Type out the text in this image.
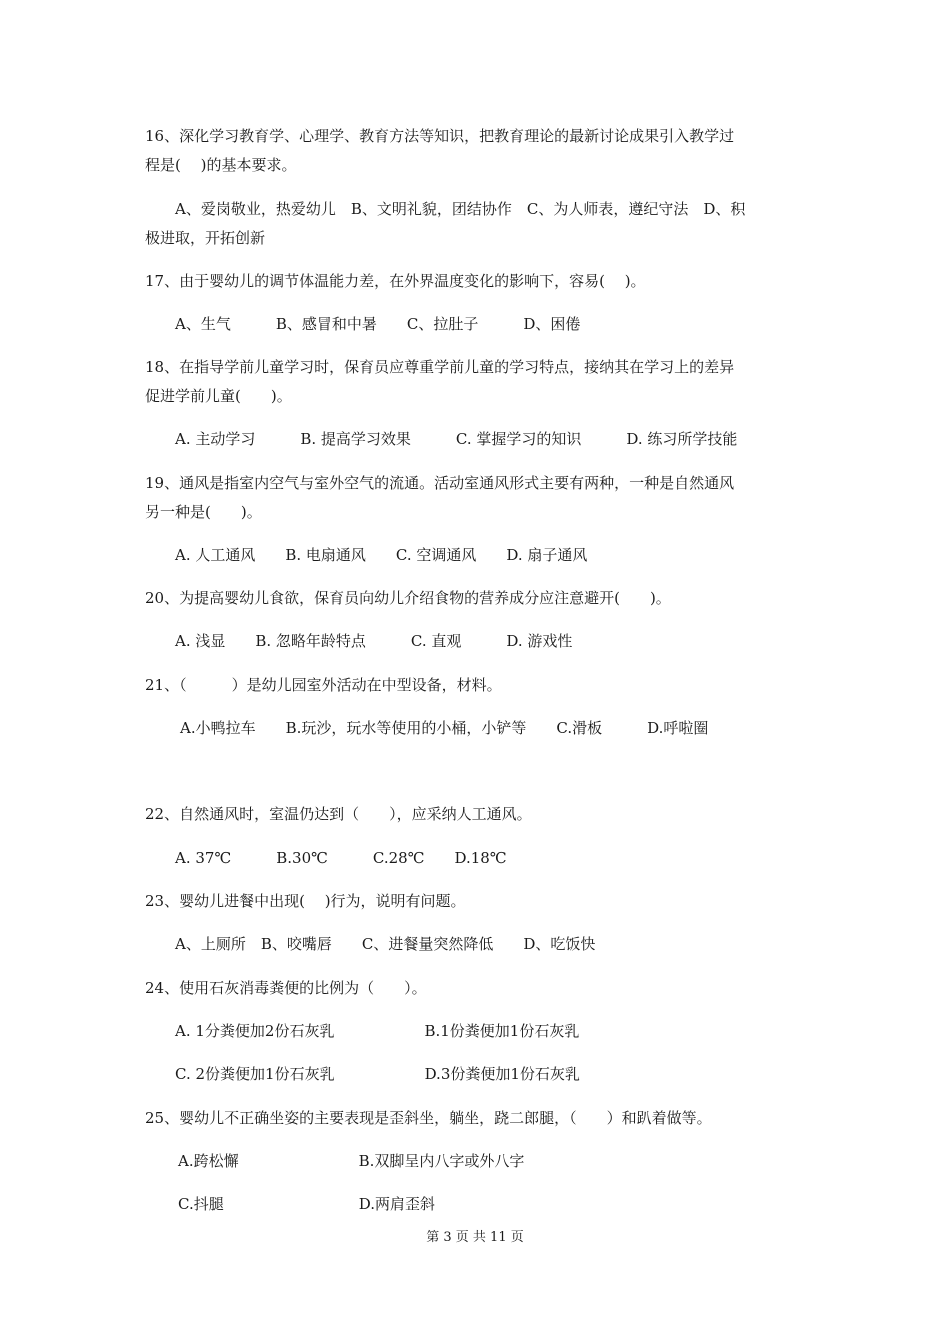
16、深化学习教育学、心理学、教育方法等知识，把教育理论的最新讨论成果引入教学过
程是(　 )的基本要求。
A、爱岗敬业，热爱幼儿　B、文明礼貌，团结协作　C、为人师表，遵纪守法　D、积
极进取，开拓创新
17、由于婴幼儿的调节体温能力差，在外界温度变化的影响下，容易(　 )。
A、生气　　　B、感冒和中暑　　C、拉肚子　　　D、困倦
18、在指导学前儿童学习时，保育员应尊重学前儿童的学习特点，接纳其在学习上的差异
促进学前儿童(　　)。
A. 主动学习　　　B. 提高学习效果　　　C. 掌握学习的知识　　　D. 练习所学技能
19、通风是指室内空气与室外空气的流通。活动室通风形式主要有两种，一种是自然通风
另一种是(　　)。
A. 人工通风　　B. 电扇通风　　C. 空调通风　　D. 扇子通风
20、为提高婴幼儿食欲，保育员向幼儿介绍食物的营养成分应注意避开(　　)。
A. 浅显　　B. 忽略年龄特点　　　C. 直观　　　D. 游戏性
21、（　　　）是幼儿园室外活动在中型设备，材料。
A.小鸭拉车　　B.玩沙，玩水等使用的小桶，小铲等　　C.滑板　　　D.呼啦圈
22、自然通风时，室温仍达到（　　），应采纳人工通风。
A. 37℃　　　B.30℃　　　C.28℃　　D.18℃
23、婴幼儿进餐中出现(　 )行为，说明有问题。
A、上厕所　B、咬嘴唇　　C、进餐量突然降低　　D、吃饭快
24、使用石灰消毒粪便的比例为（　　）。
A. 1分粪便加2份石灰乳　　　　　　B.1份粪便加1份石灰乳
C. 2份粪便加1份石灰乳　　　　　　D.3份粪便加1份石灰乳
25、婴幼儿不正确坐姿的主要表现是歪斜坐，躺坐，跷二郎腿，（　　）和趴着做等。
A.跨松懈　　　　　　　　B.双脚呈内八字或外八字
C.抖腿　　　　　　　　　D.两肩歪斜
第 3 页 共 11 页
